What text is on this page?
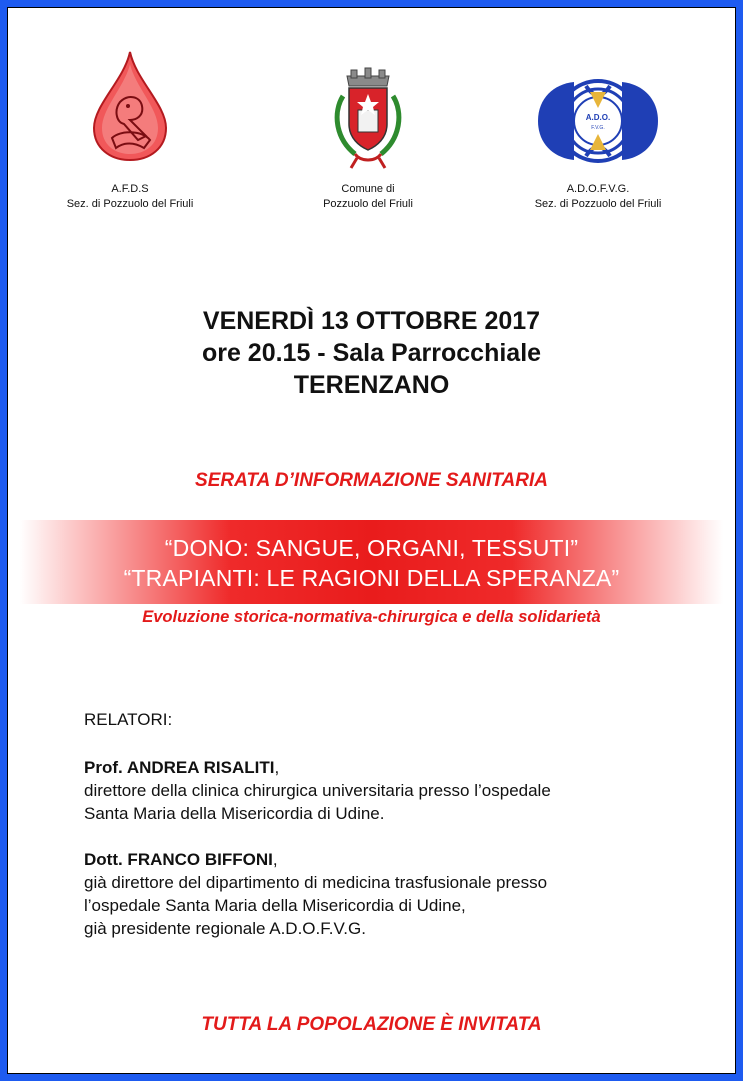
A.F.D.S
Sez. di Pozzuolo del Friuli
Comune di
Pozzuolo del Friuli
A.D.O.
F.V.G.
A.D.O.F.V.G.
Sez. di Pozzuolo del Friuli
VENERDÌ 13 OTTOBRE 2017
ore 20.15 - Sala Parrocchiale
TERENZANO
SERATA D’INFORMAZIONE SANITARIA
“DONO: SANGUE, ORGANI, TESSUTI”
“TRAPIANTI: LE RAGIONI DELLA SPERANZA”
Evoluzione storica-normativa-chirurgica e della solidarietà
RELATORI:
Prof. ANDREA RISALITI,
direttore della clinica chirurgica universitaria presso l’ospedale
Santa Maria della Misericordia di Udine.
Dott. FRANCO BIFFONI,
già direttore del dipartimento di medicina trasfusionale presso
l’ospedale Santa Maria della Misericordia di Udine,
già presidente regionale A.D.O.F.V.G.
TUTTA LA POPOLAZIONE È INVITATA
